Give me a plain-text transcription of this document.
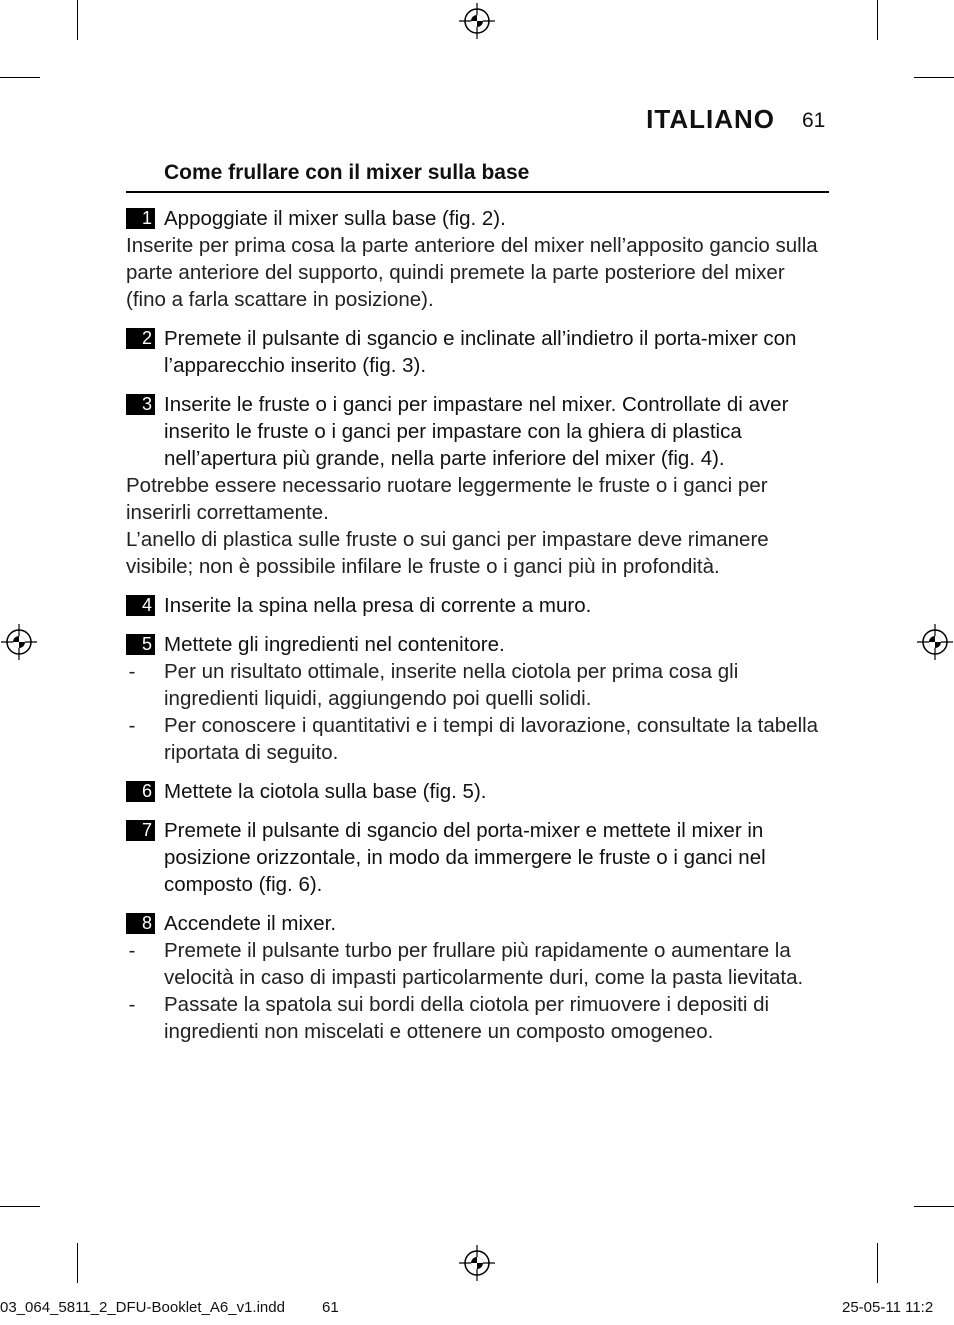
ITALIANO 61
Come frullare con il mixer sulla base
1 Appoggiate il mixer sulla base (fig. 2).
Inserite per prima cosa la parte anteriore del mixer nell’apposito gancio sulla parte anteriore del supporto, quindi premete la parte posteriore del mixer (fino a farla scattare in posizione).
2 Premete il pulsante di sgancio e inclinate all’indietro il porta-mixer con l’apparecchio inserito (fig. 3).
3 Inserite le fruste o i ganci per impastare nel mixer. Controllate di aver inserito le fruste o i ganci per impastare con la ghiera di plastica nell’apertura più grande, nella parte inferiore del mixer (fig. 4).
Potrebbe essere necessario ruotare leggermente le fruste o i ganci per inserirli correttamente.
L’anello di plastica sulle fruste o sui ganci per impastare deve rimanere visibile; non è possibile infilare le fruste o i ganci più in profondità.
4 Inserite la spina nella presa di corrente a muro.
5 Mettete gli ingredienti nel contenitore.
- Per un risultato ottimale, inserite nella ciotola per prima cosa gli ingredienti liquidi, aggiungendo poi quelli solidi.
- Per conoscere i quantitativi e i tempi di lavorazione, consultate la tabella riportata di seguito.
6 Mettete la ciotola sulla base (fig. 5).
7 Premete il pulsante di sgancio del porta-mixer e mettete il mixer in posizione orizzontale, in modo da immergere le fruste o i ganci nel composto (fig. 6).
8 Accendete il mixer.
- Premete il pulsante turbo per frullare più rapidamente o aumentare la velocità in caso di impasti particolarmente duri, come la pasta lievitata.
- Passate la spatola sui bordi della ciotola per rimuovere i depositi di ingredienti non miscelati e ottenere un composto omogeneo.
03_064_5811_2_DFU-Booklet_A6_v1.indd 61	25-05-11 11:2
